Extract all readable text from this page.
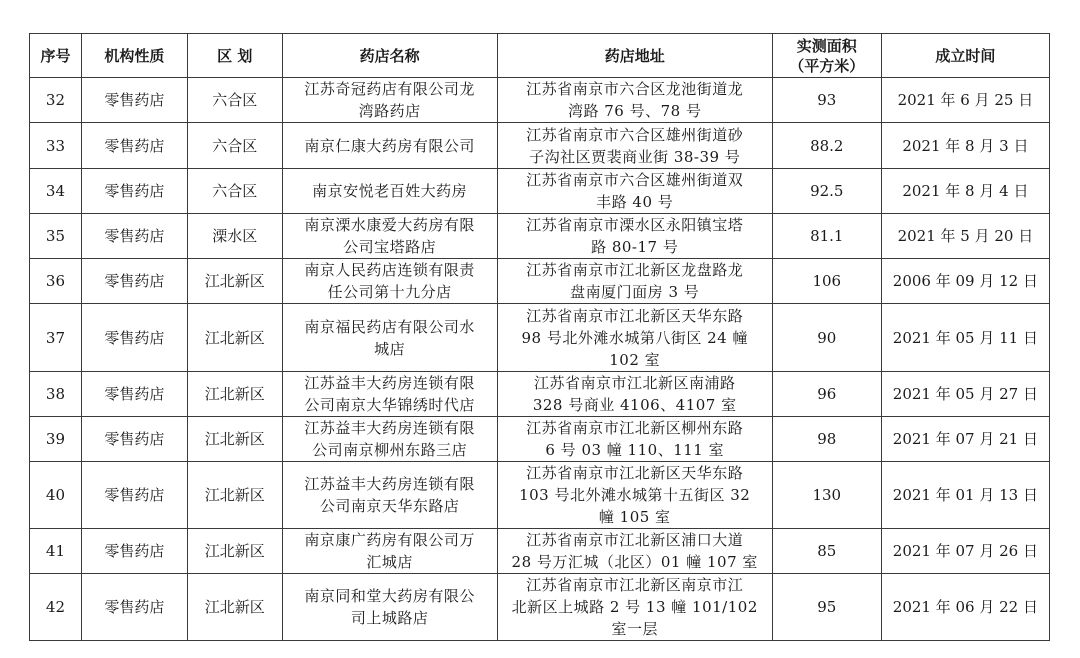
序号	机构性质	区 划	药店名称	药店地址	实测面积
（平方米）	成立时间
32	零售药店	六合区	江苏奇冠药店有限公司龙
湾路药店	江苏省南京市六合区龙池街道龙
湾路 76 号、78 号	93	2021 年 6 月 25 日
33	零售药店	六合区	南京仁康大药房有限公司	江苏省南京市六合区雄州街道砂
子沟社区贾裴商业街 38-39 号	88.2	2021 年 8 月 3 日
34	零售药店	六合区	南京安悦老百姓大药房	江苏省南京市六合区雄州街道双
丰路 40 号	92.5	2021 年 8 月 4 日
35	零售药店	溧水区	南京溧水康爱大药房有限
公司宝塔路店	江苏省南京市溧水区永阳镇宝塔
路 80-17 号	81.1	2021 年 5 月 20 日
36	零售药店	江北新区	南京人民药店连锁有限责
任公司第十九分店	江苏省南京市江北新区龙盘路龙
盘南厦门面房 3 号	106	2006 年 09 月 12 日
37	零售药店	江北新区	南京福民药店有限公司水
城店	江苏省南京市江北新区天华东路
98 号北外滩水城第八街区 24 幢
102 室	90	2021 年 05 月 11 日
38	零售药店	江北新区	江苏益丰大药房连锁有限
公司南京大华锦绣时代店	江苏省南京市江北新区南浦路
328 号商业 4106、4107 室	96	2021 年 05 月 27 日
39	零售药店	江北新区	江苏益丰大药房连锁有限
公司南京柳州东路三店	江苏省南京市江北新区柳州东路
6 号 03 幢 110、111 室	98	2021 年 07 月 21 日
40	零售药店	江北新区	江苏益丰大药房连锁有限
公司南京天华东路店	江苏省南京市江北新区天华东路
103 号北外滩水城第十五街区 32
幢 105 室	130	2021 年 01 月 13 日
41	零售药店	江北新区	南京康广药房有限公司万
汇城店	江苏省南京市江北新区浦口大道
28 号万汇城（北区）01 幢 107 室	85	2021 年 07 月 26 日
42	零售药店	江北新区	南京同和堂大药房有限公
司上城路店	江苏省南京市江北新区南京市江
北新区上城路 2 号 13 幢 101/102
室一层	95	2021 年 06 月 22 日
